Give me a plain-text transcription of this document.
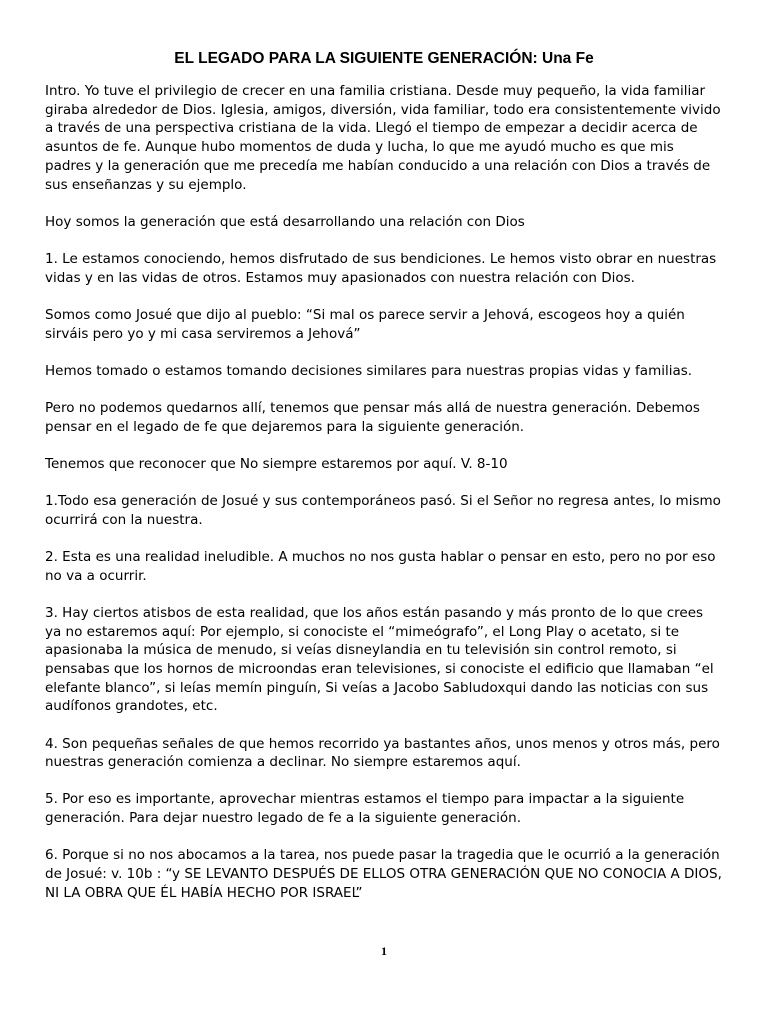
EL LEGADO PARA LA SIGUIENTE GENERACIÓN: Una Fe

Intro. Yo tuve el privilegio de crecer en una familia cristiana. Desde muy pequeño, la vida familiar giraba alrededor de Dios. Iglesia, amigos, diversión, vida familiar, todo era consistentemente vivido a través de una perspectiva cristiana de la vida. Llegó el tiempo de empezar a decidir acerca de asuntos de fe. Aunque hubo momentos de duda y lucha, lo que me ayudó mucho es que mis padres y la generación que me precedía me habían conducido a una relación con Dios a través de sus enseñanzas y su ejemplo.

Hoy somos la generación que está desarrollando una relación con Dios

1. Le estamos conociendo, hemos disfrutado de sus bendiciones. Le hemos visto obrar en nuestras vidas y en las vidas de otros. Estamos muy apasionados con nuestra relación con Dios.

Somos como Josué que dijo al pueblo: “Si mal os parece servir a Jehová, escogeos hoy a quién sirváis pero yo y mi casa serviremos a Jehová”

Hemos tomado o estamos tomando decisiones similares para nuestras propias vidas y familias.

Pero no podemos quedarnos allí, tenemos que pensar más allá de nuestra generación. Debemos pensar en el legado de fe que dejaremos para la siguiente generación.

Tenemos que reconocer que No siempre estaremos por aquí. V. 8-10

1.Todo esa generación de Josué y sus contemporáneos pasó. Si el Señor no regresa antes, lo mismo ocurrirá con la nuestra.

2. Esta es una realidad ineludible. A muchos no nos gusta hablar o pensar en esto, pero no por eso no va a ocurrir.

3. Hay ciertos atisbos de esta realidad, que los años están pasando y más pronto de lo que crees ya no estaremos aquí: Por ejemplo, si conociste el “mimeógrafo”, el Long Play o acetato, si te apasionaba la música de menudo, si veías disneylandia en tu televisión sin control remoto, si pensabas que los hornos de microondas eran televisiones, si conociste el edificio que llamaban “el elefante blanco”, si leías memín pinguín, Si veías a Jacobo Sabludoxqui dando las noticias con sus audífonos grandotes, etc.

4. Son pequeñas señales de que hemos recorrido ya bastantes años, unos menos y otros más, pero nuestras generación comienza a declinar. No siempre estaremos aquí.

5. Por eso es importante, aprovechar mientras estamos el tiempo para impactar a la siguiente generación. Para dejar nuestro legado de fe a la siguiente generación.

6. Porque si no nos abocamos a la tarea, nos puede pasar la tragedia que le ocurrió a la generación de Josué: v. 10b : “y SE LEVANTO DESPUÉS DE ELLOS OTRA GENERACIÓN QUE NO CONOCIA A DIOS, NI LA OBRA QUE ÉL HABÍA HECHO POR ISRAEL”

1
